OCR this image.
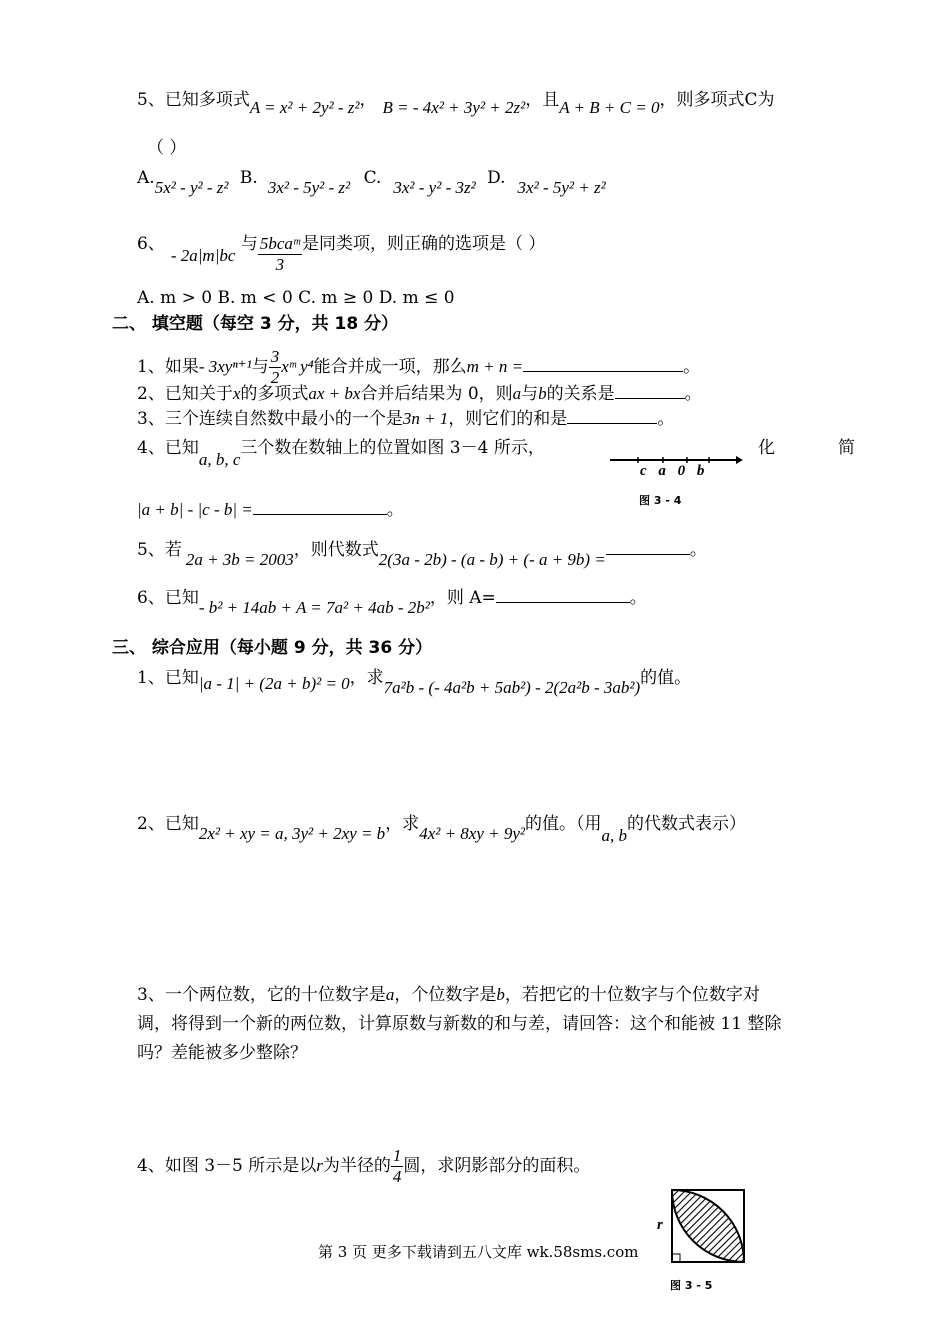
5、已知多项式A = x² + 2y² - z²， B = - 4x² + 3y² + 2z²，且A + B + C = 0，则多项式C为
（ ）
A.5x² - y² - z² B. 3x² - 5y² - z² C. 3x² - y² - 3z² D. 3x² - 5y² + z²
6、- 2a|m|bc 与 $\frac{\text{5bcaᵐ}}{3}$ 是同类项，则正确的选项是（ ）
A. m > 0 B. m < 0 C. m ≥ 0 D. m ≤ 0
二、 填空题（每空 3 分，共 18 分）
1、如果- 3xyⁿ⁺¹与 $\frac{3}{2}$ xᵐ y⁴能合并成一项，那么m + n =	。
2、已知关于x的多项式ax + bx合并后结果为 0，则a与b的关系是	。
3、三个连续自然数中最小的一个是3n + 1，则它们的和是	。
4、已知a, b, c三个数在数轴上的位置如图 3－4 所示，	化	简
c a 0 b
图 3 - 4
|a + b| - |c - b| =	。
5、若 2a + 3b = 2003，则代数式2(3a - 2b) - (a - b) + (- a + 9b) =	。
6、已知- b² + 14ab + A = 7a² + 4ab - 2b²，则 A=	。
三、 综合应用（每小题 9 分，共 36 分）
1、已知|a - 1| + (2a + b)² = 0，求7a²b - (- 4a²b + 5ab²) - 2(2a²b - 3ab²)的值。
2、已知2x² + xy = a, 3y² + 2xy = b，求4x² + 8xy + 9y²的值。（用a, b的代数式表示）
3、一个两位数，它的十位数字是a，个位数字是b，若把它的十位数字与个位数字对
调，将得到一个新的两位数，计算原数与新数的和与差，请回答：这个和能被 11 整除
吗？差能被多少整除？
4、如图 3－5 所示是以r为半径的 $\frac{1}{4}$ 圆，求阴影部分的面积。
r
图 3 - 5
第 3 页 更多下载请到五八文库 wk.58sms.com
